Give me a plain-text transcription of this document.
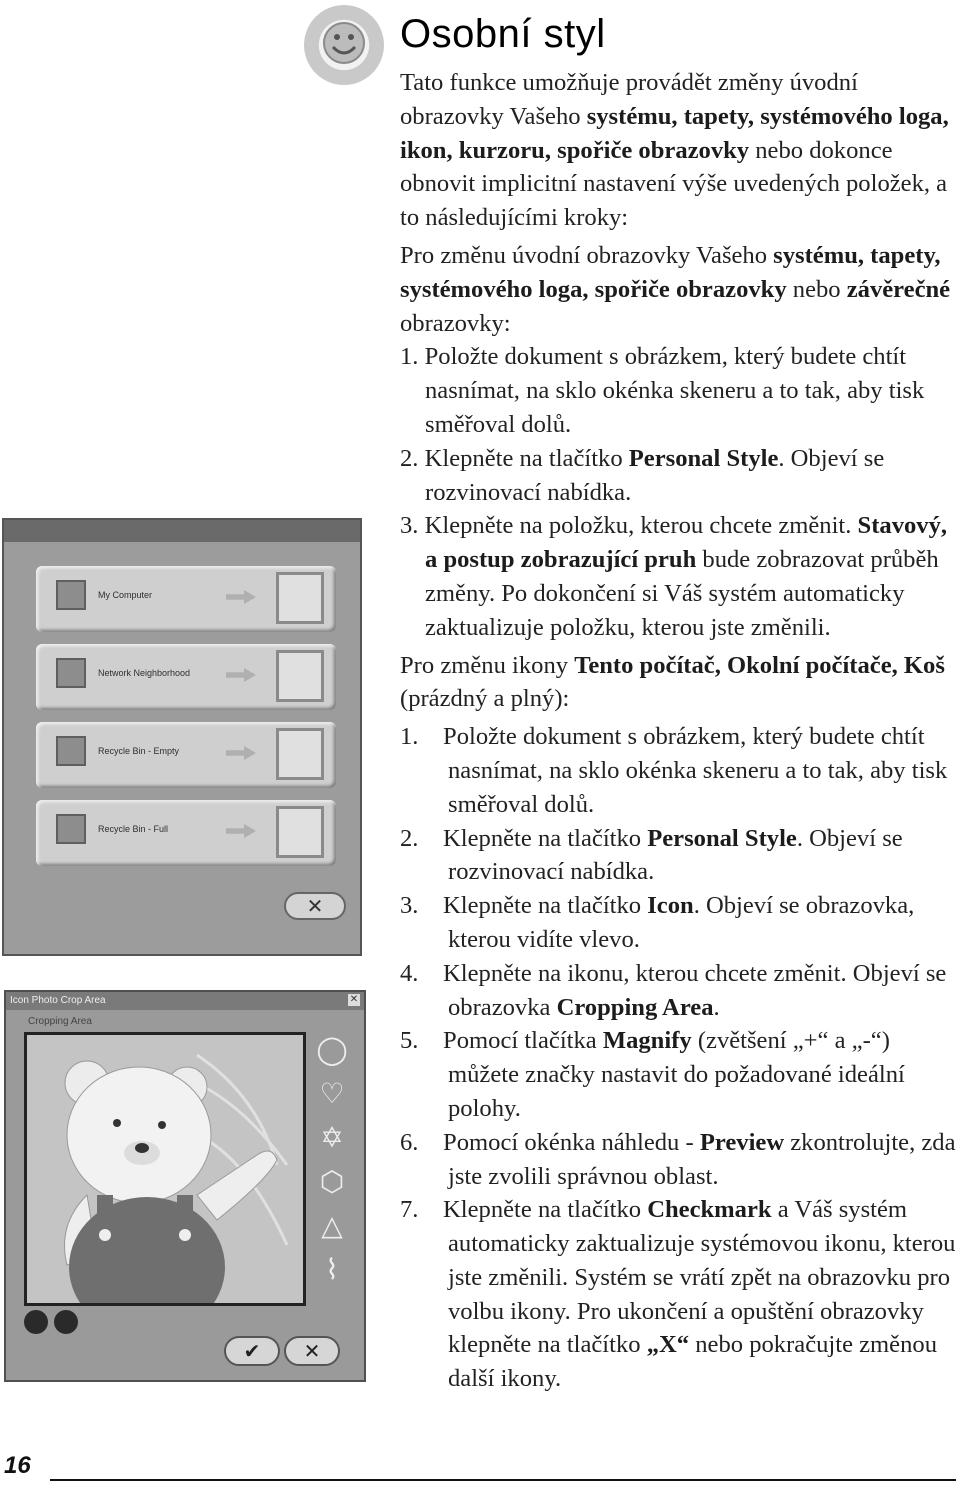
Osobní styl

Tato funkce umožňuje provádět změny úvodní obrazovky Vašeho systému, tapety, systémového loga, ikon, kurzoru, spořiče obrazovky nebo dokonce obnovit implicitní nastavení výše uvedených položek, a to následujícími kroky:

Pro změnu úvodní obrazovky Vašeho systému, tapety, systémového loga, spořiče obrazovky nebo závěrečné obrazovky:

1. Položte dokument s obrázkem, který budete chtít nasnímat, na sklo okénka skeneru a to tak, aby tisk směřoval dolů.

2. Klepněte na tlačítko Personal Style. Objeví se rozvinovací nabídka.

3. Klepněte na položku, kterou chcete změnit. Stavový, a postup zobrazující pruh bude zobrazovat průběh změny. Po dokončení si Váš systém automaticky zaktualizuje položku, kterou jste změnili.

Pro změnu ikony Tento počítač, Okolní počítače, Koš (prázdný a plný):

1.    Položte dokument s obrázkem, který budete chtít nasnímat, na sklo okénka skeneru a to tak, aby tisk směřoval dolů.

2.    Klepněte na tlačítko Personal Style. Objeví se rozvinovací nabídka.

3.    Klepněte na tlačítko Icon. Objeví se obrazovka, kterou vidíte vlevo.

4.    Klepněte na ikonu, kterou chcete změnit. Objeví se obrazovka Cropping Area.

5.    Pomocí tlačítka Magnify (zvětšení „+“ a „-“) můžete značky nastavit do požadované ideální polohy.

6.    Pomocí okénka náhledu - Preview zkontrolujte, zda jste zvolili správnou oblast.

7.    Klepněte na tlačítko Checkmark a Váš systém automaticky zaktualizuje systémovou ikonu, kterou jste změnili. Systém se vrátí zpět na obrazovku pro volbu ikony. Pro ukončení a opuštění obrazovky klepněte na tlačítko „X“ nebo pokračujte změnou další ikony.

My Computer
Network Neighborhood
Recycle Bin - Empty
Recycle Bin - Full
✕
Icon Photo Crop Area	✕
Cropping Area
◯
♡
✡
⬡
△
⌇
✔	✕
16
